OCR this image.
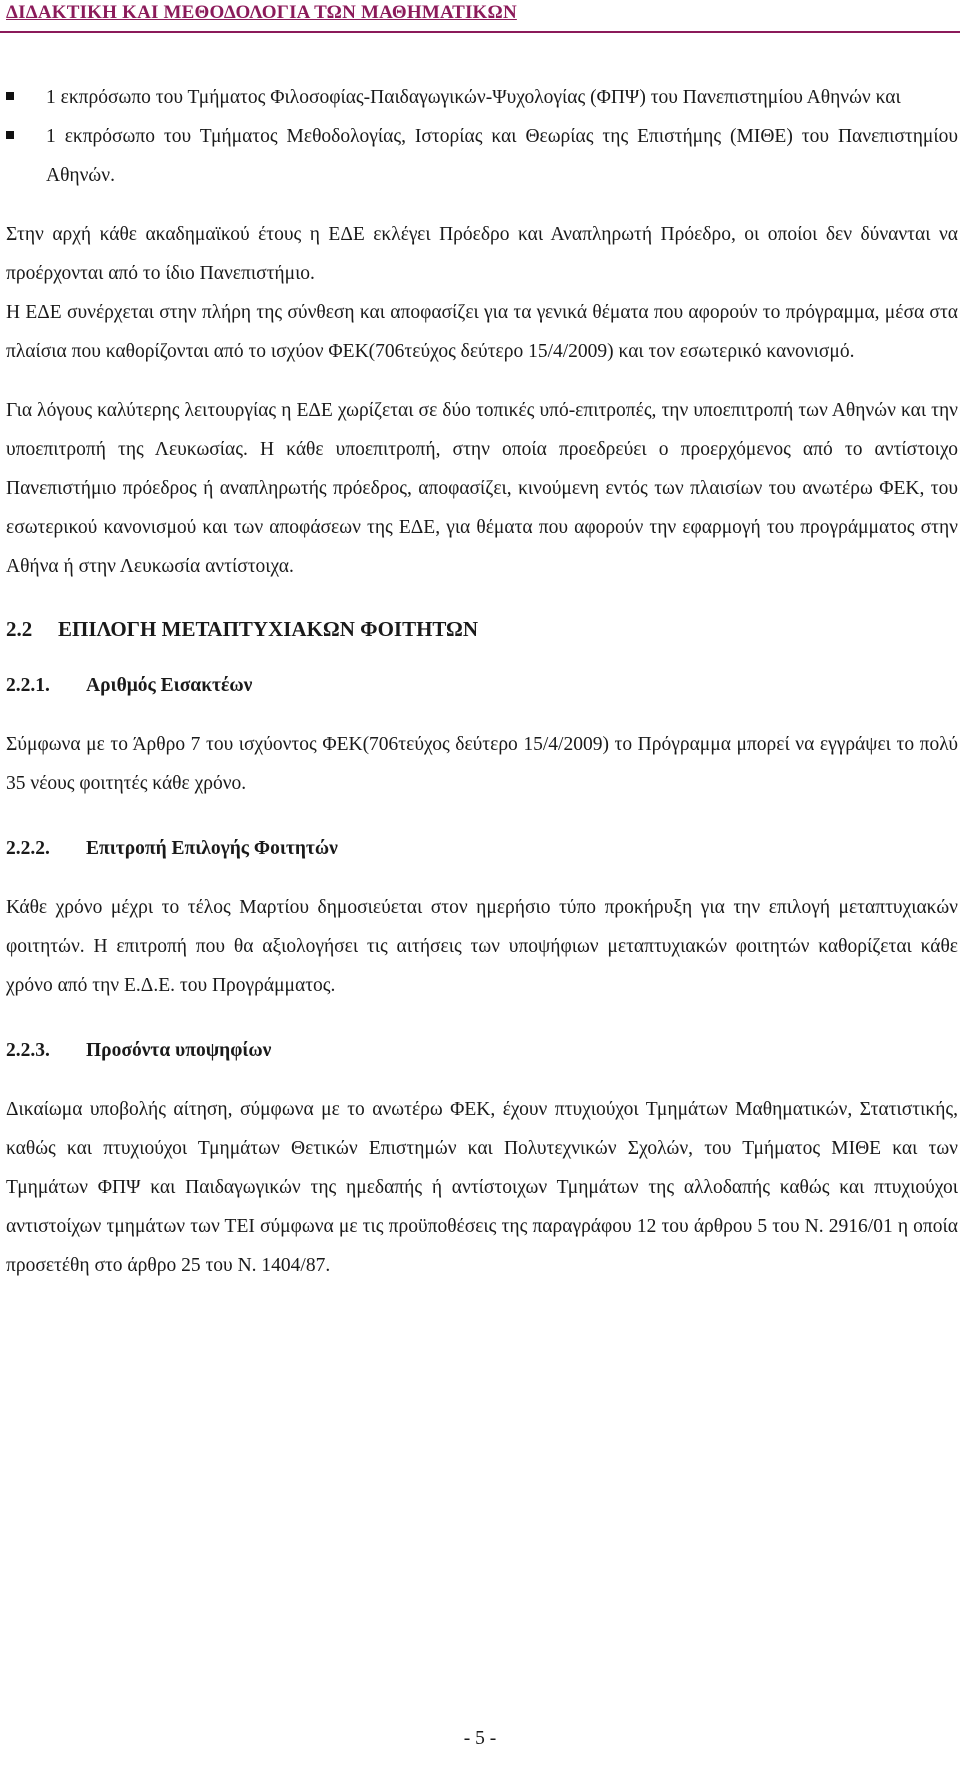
ΔΙΔΑΚΤΙΚΗ ΚΑΙ ΜΕΘΟΔΟΛΟΓΙΑ ΤΩΝ ΜΑΘΗΜΑΤΙΚΩΝ
1 εκπρόσωπο του Τμήματος Φιλοσοφίας-Παιδαγωγικών-Ψυχολογίας (ΦΠΨ) του Πανεπιστημίου Αθηνών και
1 εκπρόσωπο του Τμήματος Μεθοδολογίας, Ιστορίας και Θεωρίας της Επιστήμης (ΜΙΘΕ) του Πανεπιστημίου Αθηνών.

Στην αρχή κάθε ακαδημαϊκού έτους η ΕΔΕ εκλέγει Πρόεδρο και Αναπληρωτή Πρόεδρο, οι οποίοι δεν δύνανται να προέρχονται από το ίδιο Πανεπιστήμιο.

Η ΕΔΕ συνέρχεται στην πλήρη της σύνθεση και αποφασίζει για τα γενικά θέματα που αφορούν το πρόγραμμα, μέσα στα πλαίσια που καθορίζονται από το ισχύον ΦΕΚ(706τεύχος δεύτερο 15/4/2009) και τον εσωτερικό κανονισμό.

Για λόγους καλύτερης λειτουργίας η ΕΔΕ χωρίζεται σε δύο τοπικές υπό-επιτροπές, την υποεπιτροπή των Αθηνών και την υποεπιτροπή της Λευκωσίας. Η κάθε υποεπιτροπή, στην οποία προεδρεύει ο προερχόμενος από το αντίστοιχο Πανεπιστήμιο πρόεδρος ή αναπληρωτής πρόεδρος, αποφασίζει, κινούμενη εντός των πλαισίων του ανωτέρω ΦΕΚ, του εσωτερικού κανονισμού και των αποφάσεων της ΕΔΕ, για θέματα που αφορούν την εφαρμογή του προγράμματος στην Αθήνα ή στην Λευκωσία αντίστοιχα.

2.2 ΕΠΙΛΟΓΗ ΜΕΤΑΠΤΥΧΙΑΚΩΝ ΦΟΙΤΗΤΩΝ
2.2.1. Αριθμός Εισακτέων

Σύμφωνα με το Άρθρο 7 του ισχύοντος ΦΕΚ(706τεύχος δεύτερο 15/4/2009) το Πρόγραμμα μπορεί να εγγράψει το πολύ 35 νέους φοιτητές κάθε χρόνο.

2.2.2. Επιτροπή Επιλογής Φοιτητών

Κάθε χρόνο μέχρι το τέλος Μαρτίου δημοσιεύεται στον ημερήσιο τύπο προκήρυξη για την επιλογή μεταπτυχιακών φοιτητών. Η επιτροπή που θα αξιολογήσει τις αιτήσεις των υποψήφιων μεταπτυχιακών φοιτητών καθορίζεται κάθε χρόνο από την Ε.Δ.Ε. του Προγράμματος.

2.2.3. Προσόντα υποψηφίων

Δικαίωμα υποβολής αίτηση, σύμφωνα με το ανωτέρω ΦΕΚ, έχουν πτυχιούχοι Τμημάτων Μαθηματικών, Στατιστικής, καθώς και πτυχιούχοι Τμημάτων Θετικών Επιστημών και Πολυτεχνικών Σχολών, του Τμήματος ΜΙΘΕ και των Τμημάτων ΦΠΨ και Παιδαγωγικών της ημεδαπής ή αντίστοιχων Τμημάτων της αλλοδαπής καθώς και πτυχιούχοι αντιστοίχων τμημάτων των ΤΕΙ σύμφωνα με τις προϋποθέσεις της παραγράφου 12 του άρθρου 5 του Ν. 2916/01 η οποία προσετέθη στο άρθρο 25 του Ν. 1404/87.

- 5 -
